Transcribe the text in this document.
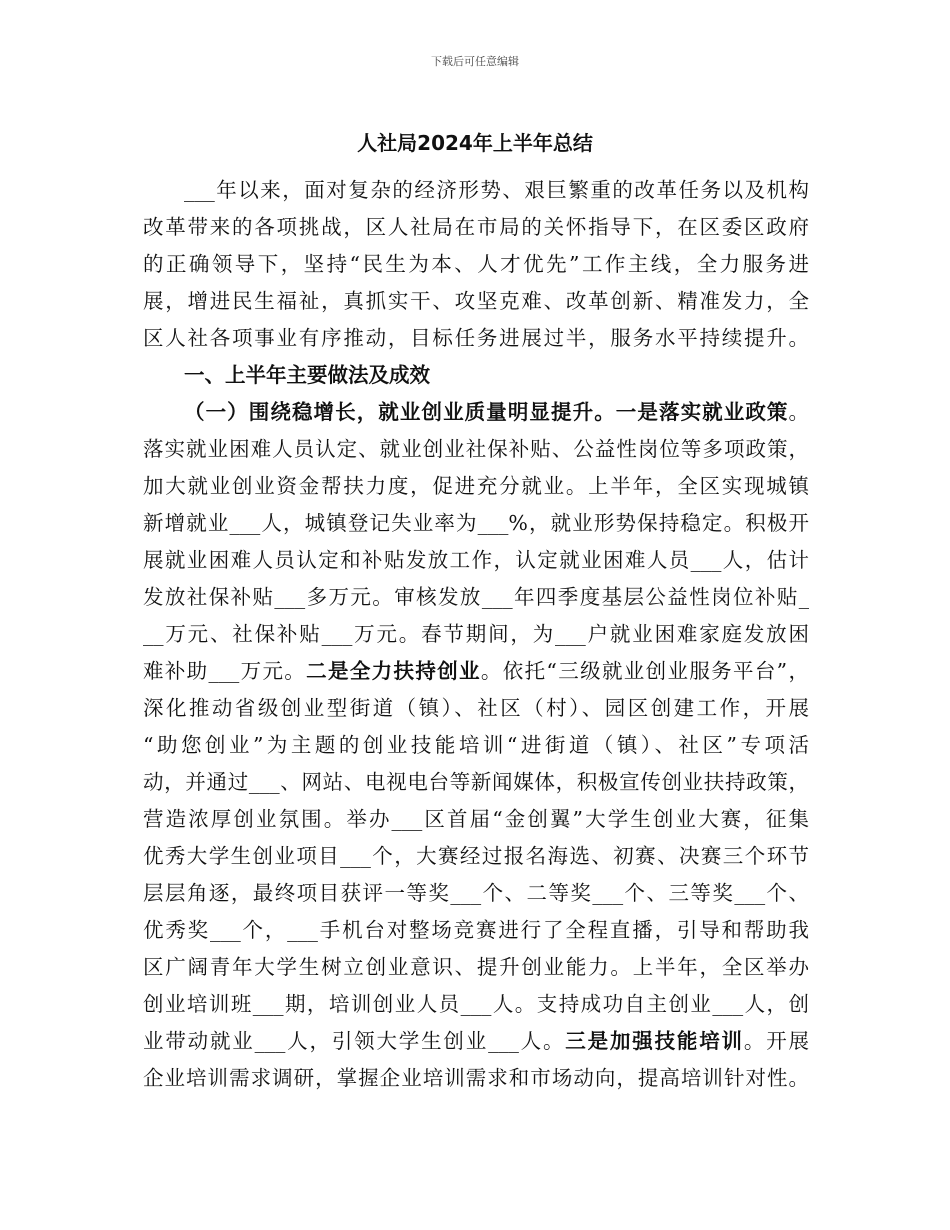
下载后可任意编辑
人社局2024年上半年总结
___年以来，面对复杂的经济形势、艰巨繁重的改革任务以及机构
改革带来的各项挑战，区人社局在市局的关怀指导下，在区委区政府
的正确领导下，坚持“民生为本、人才优先”工作主线，全力服务进
展，增进民生福祉，真抓实干、攻坚克难、改革创新、精准发力，全
区人社各项事业有序推动，目标任务进展过半，服务水平持续提升。
一、上半年主要做法及成效
（一）围绕稳增长，就业创业质量明显提升。一是落实就业政策。
落实就业困难人员认定、就业创业社保补贴、公益性岗位等多项政策，
加大就业创业资金帮扶力度，促进充分就业。上半年，全区实现城镇
新增就业___人，城镇登记失业率为___%，就业形势保持稳定。积极开
展就业困难人员认定和补贴发放工作，认定就业困难人员___人，估计
发放社保补贴___多万元。审核发放___年四季度基层公益性岗位补贴_
__万元、社保补贴___万元。春节期间，为___户就业困难家庭发放困
难补助___万元。二是全力扶持创业。依托“三级就业创业服务平台”，
深化推动省级创业型街道（镇）、社区（村）、园区创建工作，开展
“助您创业”为主题的创业技能培训“进街道（镇）、社区”专项活
动，并通过___、网站、电视电台等新闻媒体，积极宣传创业扶持政策，
营造浓厚创业氛围。举办___区首届“金创翼”大学生创业大赛，征集
优秀大学生创业项目___个，大赛经过报名海选、初赛、决赛三个环节
层层角逐，最终项目获评一等奖___个、二等奖___个、三等奖___个、
优秀奖___个，___手机台对整场竞赛进行了全程直播，引导和帮助我
区广阔青年大学生树立创业意识、提升创业能力。上半年，全区举办
创业培训班___期，培训创业人员___人。支持成功自主创业___人，创
业带动就业___人，引领大学生创业___人。三是加强技能培训。开展
企业培训需求调研，掌握企业培训需求和市场动向，提高培训针对性。
